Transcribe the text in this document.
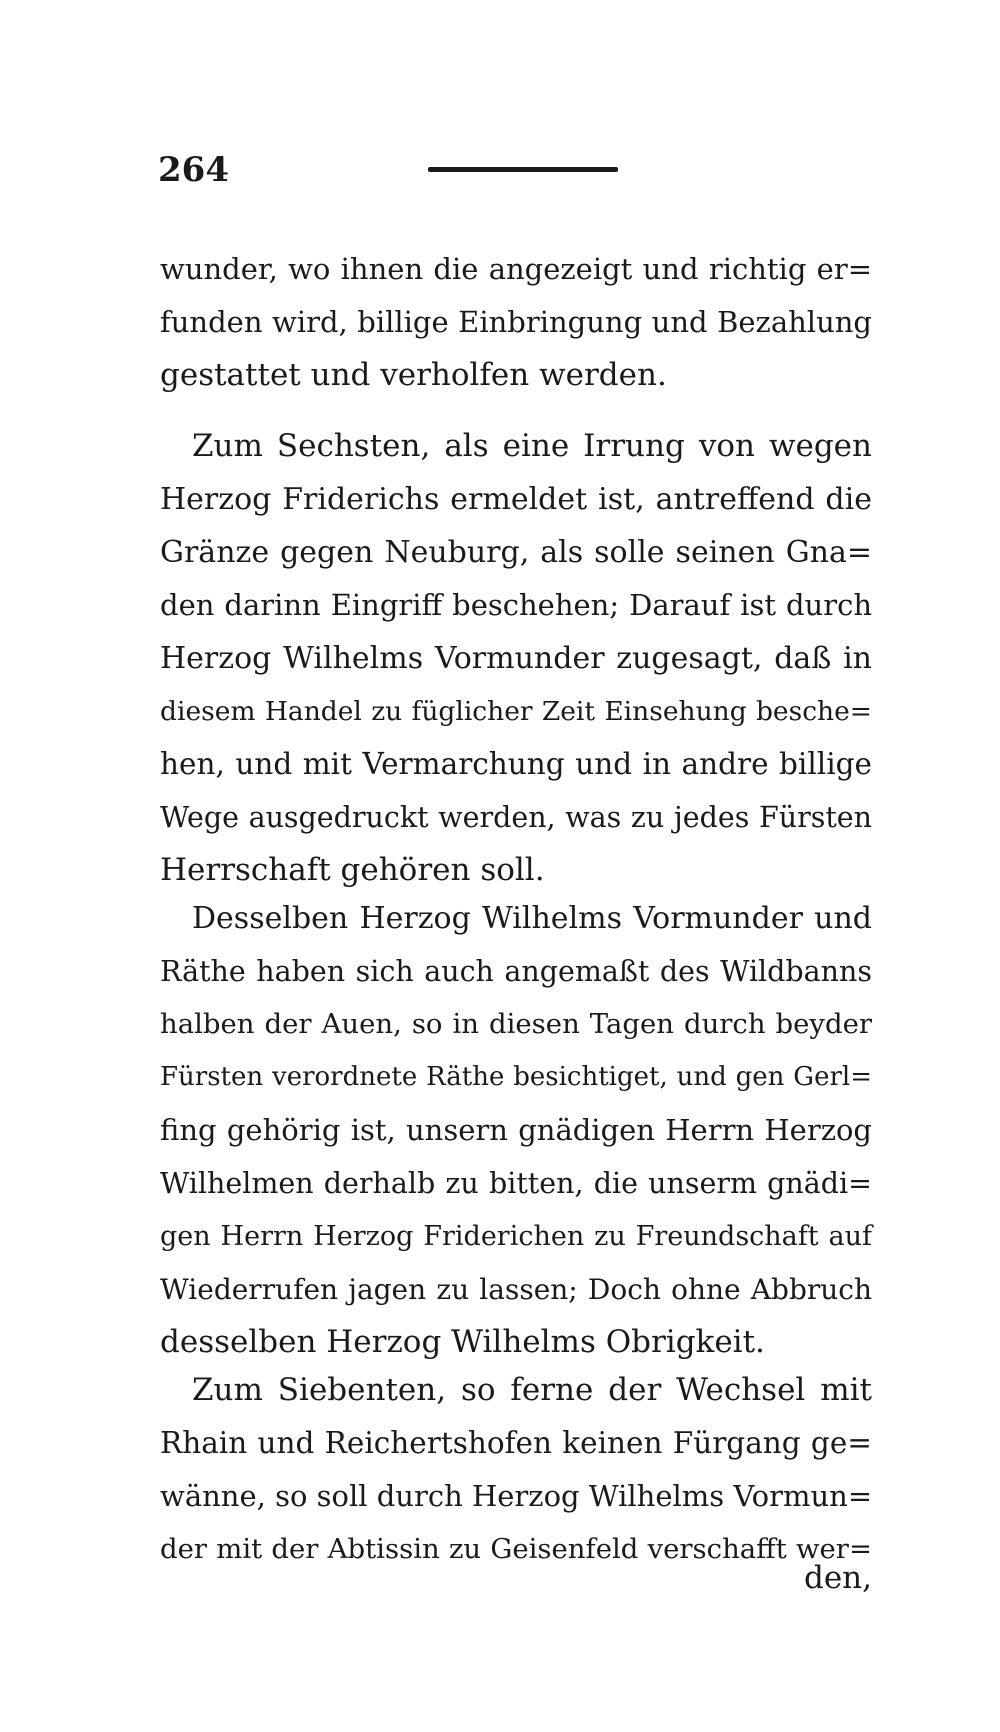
264
wunder, wo ihnen die angezeigt und richtig er=
funden wird, billige Einbringung und Bezahlung
gestattet und verholfen werden.
Zum Sechsten, als eine Irrung von wegen
Herzog Friderichs ermeldet ist, antreffend die
Gränze gegen Neuburg, als solle seinen Gna=
den darinn Eingriff beschehen; Darauf ist durch
Herzog Wilhelms Vormunder zugesagt, daß in
diesem Handel zu füglicher Zeit Einsehung besche=
hen, und mit Vermarchung und in andre billige
Wege ausgedruckt werden, was zu jedes Fürsten
Herrschaft gehören soll.
Desselben Herzog Wilhelms Vormunder und
Räthe haben sich auch angemaßt des Wildbanns
halben der Auen, so in diesen Tagen durch beyder
Fürsten verordnete Räthe besichtiget, und gen Gerl=
fing gehörig ist, unsern gnädigen Herrn Herzog
Wilhelmen derhalb zu bitten, die unserm gnädi=
gen Herrn Herzog Friderichen zu Freundschaft auf
Wiederrufen jagen zu lassen; Doch ohne Abbruch
desselben Herzog Wilhelms Obrigkeit.
Zum Siebenten, so ferne der Wechsel mit
Rhain und Reichertshofen keinen Fürgang ge=
wänne, so soll durch Herzog Wilhelms Vormun=
der mit der Abtissin zu Geisenfeld verschafft wer=
den,
